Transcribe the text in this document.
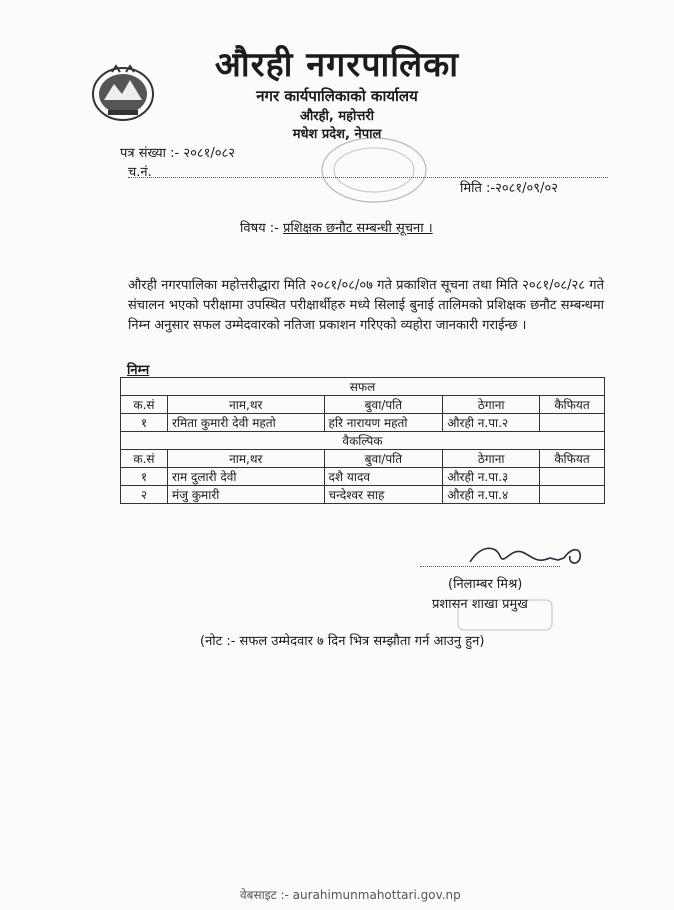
औरही नगरपालिका
नगर कार्यपालिकाको कार्यालय
औरही, महोत्तरी
मधेश प्रदेश, नेपाल
पत्र संख्या :- २०८१/०८२
च.नं.
मिति :-२०८१/०९/०२
विषय :- प्रशिक्षक छनौट सम्बन्धी सूचना ।
औरही नगरपालिका महोत्तरीद्धारा मिति २०८१/०८/०७ गते प्रकाशित सूचना तथा मिति २०८१/०८/२८ गते संचालन भएको परीक्षामा उपस्थित परीक्षार्थीहरु मध्ये सिलाई बुनाई तालिमको प्रशिक्षक छनौट सम्बन्धमा निम्न अनुसार सफल उम्मेदवारको नतिजा प्रकाशन गरिएको व्यहोरा जानकारी गराईन्छ ।
निम्न
सफल				
क.सं	नाम,थर	बुवा/पति	ठेगाना	कैफियत
१	रमिता कुमारी देवी महतो	हरि नारायण महतो	औरही न.पा.२	
वैकल्पिक				
क.सं	नाम,थर	बुवा/पति	ठेगाना	कैफियत
१	राम दुलारी देवी	दशै यादव	औरही न.पा.३	
२	मंजु कुमारी	चन्देश्वर साह	औरही न.पा.४	
(निलाम्बर मिश्र)
प्रशासन शाखा प्रमुख
(नोट :- सफल उम्मेदवार ७ दिन भित्र सम्झौता गर्न आउनु हुन)
वेबसाइट :- aurahimunmahottari.gov.np
